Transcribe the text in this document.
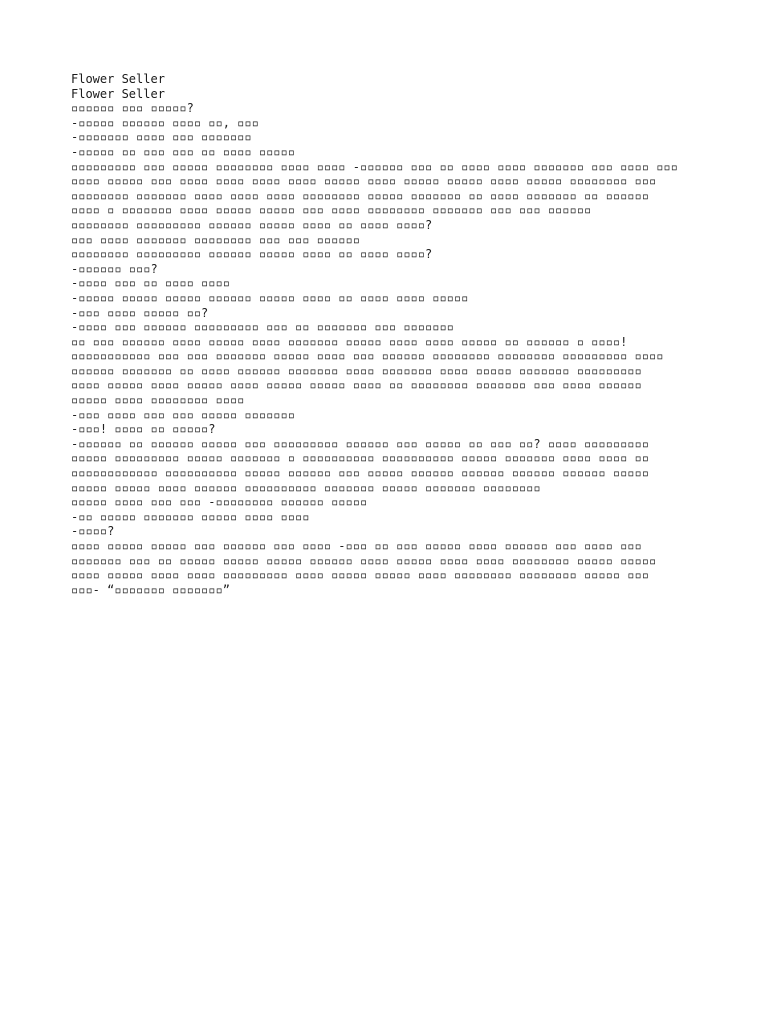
Flower Seller
Flower Seller
▫▫▫▫▫▫ ▫▫▫ ▫▫▫▫▫?
-▫▫▫▫▫ ▫▫▫▫▫▫ ▫▫▫▫ ▫▫, ▫▫▫
-▫▫▫▫▫▫▫ ▫▫▫▫ ▫▫▫ ▫▫▫▫▫▫▫
-▫▫▫▫▫ ▫▫ ▫▫▫ ▫▫▫ ▫▫ ▫▫▫▫ ▫▫▫▫▫
▫▫▫▫▫▫▫▫▫ ▫▫▫ ▫▫▫▫▫ ▫▫▫▫▫▫▫▫ ▫▫▫▫ ▫▫▫▫ -▫▫▫▫▫▫ ▫▫▫ ▫▫ ▫▫▫▫ ▫▫▫▫ ▫▫▫▫▫▫▫ ▫▫▫ ▫▫▫▫ ▫▫▫
▫▫▫▫ ▫▫▫▫▫ ▫▫▫ ▫▫▫▫ ▫▫▫▫ ▫▫▫▫ ▫▫▫▫ ▫▫▫▫▫ ▫▫▫▫ ▫▫▫▫▫ ▫▫▫▫▫ ▫▫▫▫ ▫▫▫▫▫ ▫▫▫▫▫▫▫▫ ▫▫▫
▫▫▫▫▫▫▫▫ ▫▫▫▫▫▫▫ ▫▫▫▫ ▫▫▫▫ ▫▫▫▫ ▫▫▫▫▫▫▫▫ ▫▫▫▫▫ ▫▫▫▫▫▫▫ ▫▫ ▫▫▫▫ ▫▫▫▫▫▫▫ ▫▫ ▫▫▫▫▫▫
▫▫▫▫ ▫ ▫▫▫▫▫▫▫ ▫▫▫▫ ▫▫▫▫▫ ▫▫▫▫▫ ▫▫▫ ▫▫▫▫ ▫▫▫▫▫▫▫▫ ▫▫▫▫▫▫▫ ▫▫▫ ▫▫▫ ▫▫▫▫▫▫
▫▫▫▫▫▫▫▫ ▫▫▫▫▫▫▫▫▫ ▫▫▫▫▫▫ ▫▫▫▫▫ ▫▫▫▫ ▫▫ ▫▫▫▫ ▫▫▫▫?
▫▫▫ ▫▫▫▫ ▫▫▫▫▫▫▫ ▫▫▫▫▫▫▫▫ ▫▫▫ ▫▫▫ ▫▫▫▫▫▫
▫▫▫▫▫▫▫▫ ▫▫▫▫▫▫▫▫▫ ▫▫▫▫▫▫ ▫▫▫▫▫ ▫▫▫▫ ▫▫ ▫▫▫▫ ▫▫▫▫?
-▫▫▫▫▫▫ ▫▫▫?
-▫▫▫▫ ▫▫▫ ▫▫ ▫▫▫▫ ▫▫▫▫
-▫▫▫▫▫ ▫▫▫▫▫ ▫▫▫▫▫ ▫▫▫▫▫▫ ▫▫▫▫▫ ▫▫▫▫ ▫▫ ▫▫▫▫ ▫▫▫▫ ▫▫▫▫▫
-▫▫▫ ▫▫▫▫ ▫▫▫▫▫ ▫▫?
-▫▫▫▫ ▫▫▫ ▫▫▫▫▫▫ ▫▫▫▫▫▫▫▫▫ ▫▫▫ ▫▫ ▫▫▫▫▫▫▫ ▫▫▫ ▫▫▫▫▫▫▫
▫▫ ▫▫▫ ▫▫▫▫▫▫ ▫▫▫▫ ▫▫▫▫▫ ▫▫▫▫ ▫▫▫▫▫▫▫ ▫▫▫▫▫ ▫▫▫▫ ▫▫▫▫ ▫▫▫▫▫ ▫▫ ▫▫▫▫▫▫ ▫ ▫▫▫▫!
▫▫▫▫▫▫▫▫▫▫▫ ▫▫▫ ▫▫▫ ▫▫▫▫▫▫▫ ▫▫▫▫▫ ▫▫▫▫ ▫▫▫ ▫▫▫▫▫▫ ▫▫▫▫▫▫▫▫ ▫▫▫▫▫▫▫▫ ▫▫▫▫▫▫▫▫▫ ▫▫▫▫
▫▫▫▫▫▫ ▫▫▫▫▫▫▫ ▫▫ ▫▫▫▫ ▫▫▫▫▫▫ ▫▫▫▫▫▫▫ ▫▫▫▫ ▫▫▫▫▫▫▫ ▫▫▫▫ ▫▫▫▫▫ ▫▫▫▫▫▫▫ ▫▫▫▫▫▫▫▫▫
▫▫▫▫ ▫▫▫▫▫ ▫▫▫▫ ▫▫▫▫▫ ▫▫▫▫ ▫▫▫▫▫ ▫▫▫▫▫ ▫▫▫▫ ▫▫ ▫▫▫▫▫▫▫▫ ▫▫▫▫▫▫▫ ▫▫▫ ▫▫▫▫ ▫▫▫▫▫▫
▫▫▫▫▫ ▫▫▫▫ ▫▫▫▫▫▫▫▫ ▫▫▫▫
-▫▫▫ ▫▫▫▫ ▫▫▫ ▫▫▫ ▫▫▫▫▫ ▫▫▫▫▫▫▫
-▫▫▫! ▫▫▫▫ ▫▫ ▫▫▫▫▫?
-▫▫▫▫▫▫ ▫▫ ▫▫▫▫▫▫ ▫▫▫▫▫ ▫▫▫ ▫▫▫▫▫▫▫▫▫ ▫▫▫▫▫▫ ▫▫▫ ▫▫▫▫▫ ▫▫ ▫▫▫ ▫▫? ▫▫▫▫ ▫▫▫▫▫▫▫▫▫
▫▫▫▫▫ ▫▫▫▫▫▫▫▫▫ ▫▫▫▫▫ ▫▫▫▫▫▫▫ ▫ ▫▫▫▫▫▫▫▫▫▫ ▫▫▫▫▫▫▫▫▫▫ ▫▫▫▫▫ ▫▫▫▫▫▫▫ ▫▫▫▫ ▫▫▫▫ ▫▫
▫▫▫▫▫▫▫▫▫▫▫▫ ▫▫▫▫▫▫▫▫▫▫ ▫▫▫▫▫ ▫▫▫▫▫▫ ▫▫▫ ▫▫▫▫▫ ▫▫▫▫▫▫ ▫▫▫▫▫▫ ▫▫▫▫▫▫ ▫▫▫▫▫▫ ▫▫▫▫▫
▫▫▫▫▫ ▫▫▫▫▫ ▫▫▫▫ ▫▫▫▫▫▫ ▫▫▫▫▫▫▫▫▫▫ ▫▫▫▫▫▫▫ ▫▫▫▫▫ ▫▫▫▫▫▫▫ ▫▫▫▫▫▫▫▫
▫▫▫▫▫ ▫▫▫▫ ▫▫▫ ▫▫▫ -▫▫▫▫▫▫▫▫ ▫▫▫▫▫▫ ▫▫▫▫▫
-▫▫ ▫▫▫▫▫ ▫▫▫▫▫▫▫ ▫▫▫▫▫ ▫▫▫▫ ▫▫▫▫
-▫▫▫▫?
▫▫▫▫ ▫▫▫▫▫ ▫▫▫▫▫ ▫▫▫ ▫▫▫▫▫▫ ▫▫▫ ▫▫▫▫ -▫▫▫ ▫▫ ▫▫▫ ▫▫▫▫▫ ▫▫▫▫ ▫▫▫▫▫▫ ▫▫▫ ▫▫▫▫ ▫▫▫
▫▫▫▫▫▫▫ ▫▫▫ ▫▫ ▫▫▫▫▫ ▫▫▫▫▫ ▫▫▫▫▫ ▫▫▫▫▫▫ ▫▫▫▫ ▫▫▫▫▫ ▫▫▫▫ ▫▫▫▫ ▫▫▫▫▫▫▫▫ ▫▫▫▫▫ ▫▫▫▫▫
▫▫▫▫ ▫▫▫▫▫ ▫▫▫▫ ▫▫▫▫ ▫▫▫▫▫▫▫▫▫ ▫▫▫▫ ▫▫▫▫▫ ▫▫▫▫▫ ▫▫▫▫ ▫▫▫▫▫▫▫▫ ▫▫▫▫▫▫▫▫ ▫▫▫▫▫ ▫▫▫
▫▫▫- “▫▫▫▫▫▫▫ ▫▫▫▫▫▫▫”
